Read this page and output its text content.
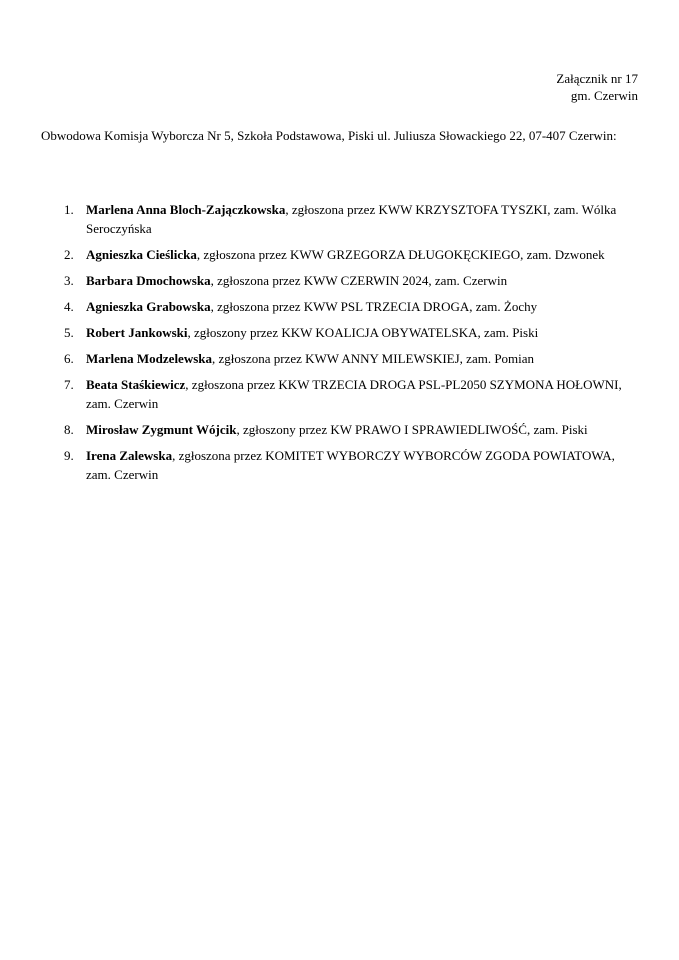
Załącznik nr 17
gm. Czerwin
Obwodowa Komisja Wyborcza Nr 5, Szkoła Podstawowa, Piski ul. Juliusza Słowackiego 22, 07-407 Czerwin:
1. Marlena Anna Bloch-Zajączkowska, zgłoszona przez KWW KRZYSZTOFA TYSZKI, zam. Wólka Seroczyńska
2. Agnieszka Cieślicka, zgłoszona przez KWW GRZEGORZA DŁUGOKĘCKIEGO, zam. Dzwonek
3. Barbara Dmochowska, zgłoszona przez KWW CZERWIN 2024, zam. Czerwin
4. Agnieszka Grabowska, zgłoszona przez KWW PSL TRZECIA DROGA, zam. Żochy
5. Robert Jankowski, zgłoszony przez KKW KOALICJA OBYWATELSKA, zam. Piski
6. Marlena Modzelewska, zgłoszona przez KWW ANNY MILEWSKIEJ, zam. Pomian
7. Beata Staśkiewicz, zgłoszona przez KKW TRZECIA DROGA PSL-PL2050 SZYMONA HOŁOWNI, zam. Czerwin
8. Mirosław Zygmunt Wójcik, zgłoszony przez KW PRAWO I SPRAWIEDLIWOŚĆ, zam. Piski
9. Irena Zalewska, zgłoszona przez KOMITET WYBORCZY WYBORCÓW ZGODA POWIATOWA, zam. Czerwin
